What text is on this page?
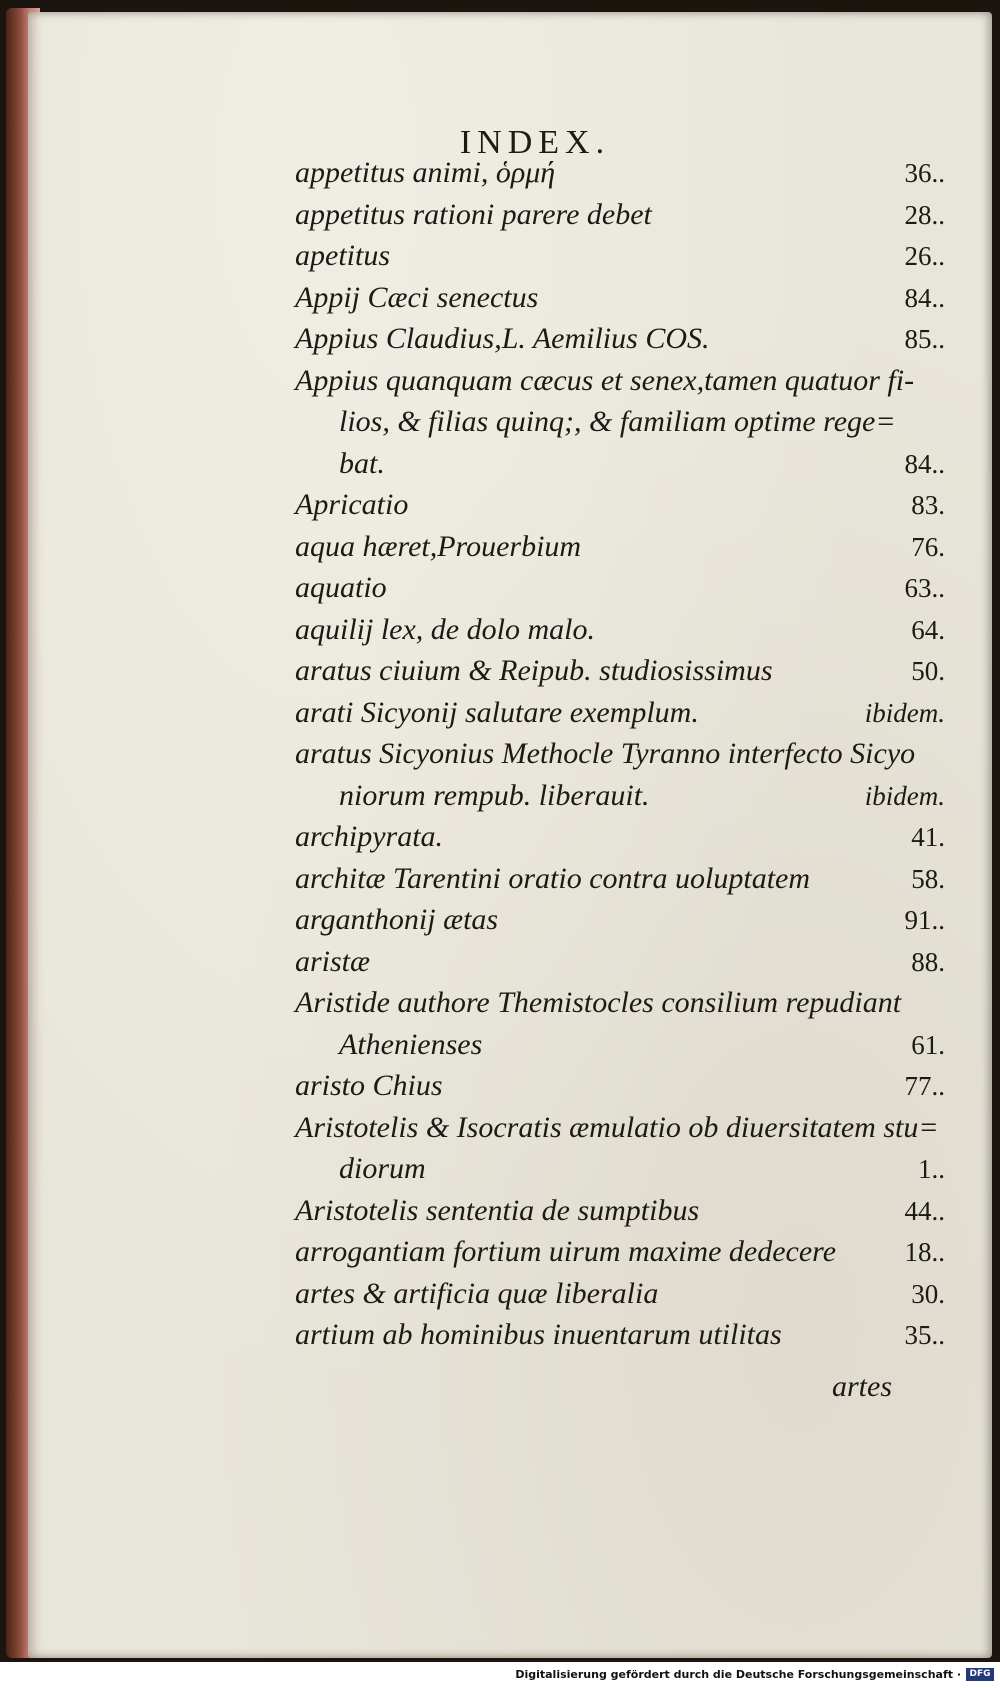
INDEX.
appetitus animi, ὁρμή	36..
appetitus rationi parere debet	28..
apetitus	26..
Appij Cæci senectus	84..
Appius Claudius,L. Aemilius COS.	85..
Appius quanquam cæcus et senex,tamen quatuor fi-
lios, & filias quinq;, & familiam optime rege=
bat.	84..
Apricatio	83.
aqua hæret,Prouerbium	76.
aquatio	63..
aquilij lex, de dolo malo.	64.
aratus ciuium & Reipub. studiosissimus	50.
arati Sicyonij salutare exemplum.	ibidem.
aratus Sicyonius Methocle Tyranno interfecto Sicyo
niorum rempub. liberauit.	ibidem.
archipyrata.	41.
architæ Tarentini oratio contra uoluptatem	58.
arganthonij ætas	91..
aristæ	88.
Aristide authore Themistocles consilium repudiant
Athenienses	61.
aristo Chius	77..
Aristotelis & Isocratis æmulatio ob diuersitatem stu=
diorum	1..
Aristotelis sententia de sumptibus	44..
arrogantiam fortium uirum maxime dedecere	18..
artes & artificia quæ liberalia	30.
artium ab hominibus inuentarum utilitas	35..
artes
Digitalisierung gefördert durch die Deutsche Forschungsgemeinschaft · DFG
